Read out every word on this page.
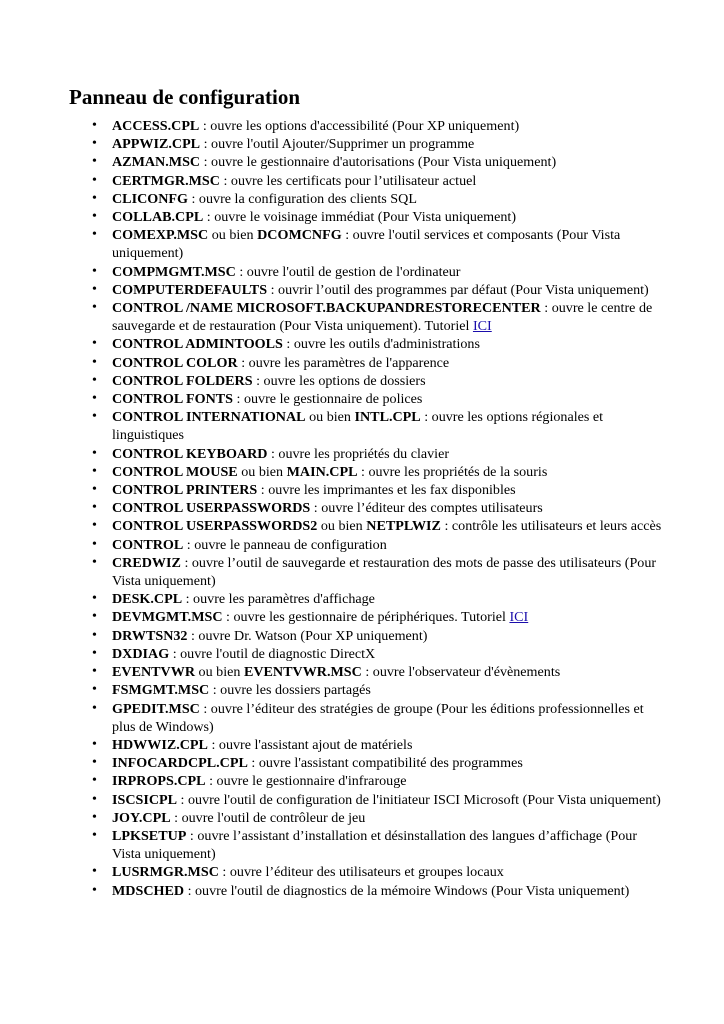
Panneau de configuration
• ACCESS.CPL : ouvre les options d'accessibilité (Pour XP uniquement)
• APPWIZ.CPL : ouvre l'outil Ajouter/Supprimer un programme
• AZMAN.MSC : ouvre le gestionnaire d'autorisations (Pour Vista uniquement)
• CERTMGR.MSC : ouvre les certificats pour l’utilisateur actuel
• CLICONFG : ouvre la configuration des clients SQL
• COLLAB.CPL : ouvre le voisinage immédiat (Pour Vista uniquement)
• COMEXP.MSC ou bien DCOMCNFG : ouvre l'outil services et composants (Pour Vista uniquement)
• COMPMGMT.MSC : ouvre l'outil de gestion de l'ordinateur
• COMPUTERDEFAULTS : ouvrir l’outil des programmes par défaut (Pour Vista uniquement)
• CONTROL /NAME MICROSOFT.BACKUPANDRESTORECENTER : ouvre le centre de sauvegarde et de restauration (Pour Vista uniquement). Tutoriel ICI
• CONTROL ADMINTOOLS : ouvre les outils d'administrations
• CONTROL COLOR : ouvre les paramètres de l'apparence
• CONTROL FOLDERS : ouvre les options de dossiers
• CONTROL FONTS : ouvre le gestionnaire de polices
• CONTROL INTERNATIONAL ou bien INTL.CPL : ouvre les options régionales et linguistiques
• CONTROL KEYBOARD : ouvre les propriétés du clavier
• CONTROL MOUSE ou bien MAIN.CPL : ouvre les propriétés de la souris
• CONTROL PRINTERS : ouvre les imprimantes et les fax disponibles
• CONTROL USERPASSWORDS : ouvre l’éditeur des comptes utilisateurs
• CONTROL USERPASSWORDS2 ou bien NETPLWIZ : contrôle les utilisateurs et leurs accès
• CONTROL : ouvre le panneau de configuration
• CREDWIZ : ouvre l’outil de sauvegarde et restauration des mots de passe des utilisateurs (Pour Vista uniquement)
• DESK.CPL : ouvre les paramètres d'affichage
• DEVMGMT.MSC : ouvre les gestionnaire de périphériques. Tutoriel ICI
• DRWTSN32 : ouvre Dr. Watson (Pour XP uniquement)
• DXDIAG : ouvre l'outil de diagnostic DirectX
• EVENTVWR ou bien EVENTVWR.MSC : ouvre l'observateur d'évènements
• FSMGMT.MSC : ouvre les dossiers partagés
• GPEDIT.MSC : ouvre l’éditeur des stratégies de groupe (Pour les éditions professionnelles et plus de Windows)
• HDWWIZ.CPL : ouvre l'assistant ajout de matériels
• INFOCARDCPL.CPL : ouvre l'assistant compatibilité des programmes
• IRPROPS.CPL : ouvre le gestionnaire d'infrarouge
• ISCSICPL : ouvre l'outil de configuration de l'initiateur ISCI Microsoft (Pour Vista uniquement)
• JOY.CPL : ouvre l'outil de contrôleur de jeu
• LPKSETUP : ouvre l’assistant d’installation et désinstallation des langues d’affichage (Pour Vista uniquement)
• LUSRMGR.MSC : ouvre l’éditeur des utilisateurs et groupes locaux
• MDSCHED : ouvre l'outil de diagnostics de la mémoire Windows (Pour Vista uniquement)
